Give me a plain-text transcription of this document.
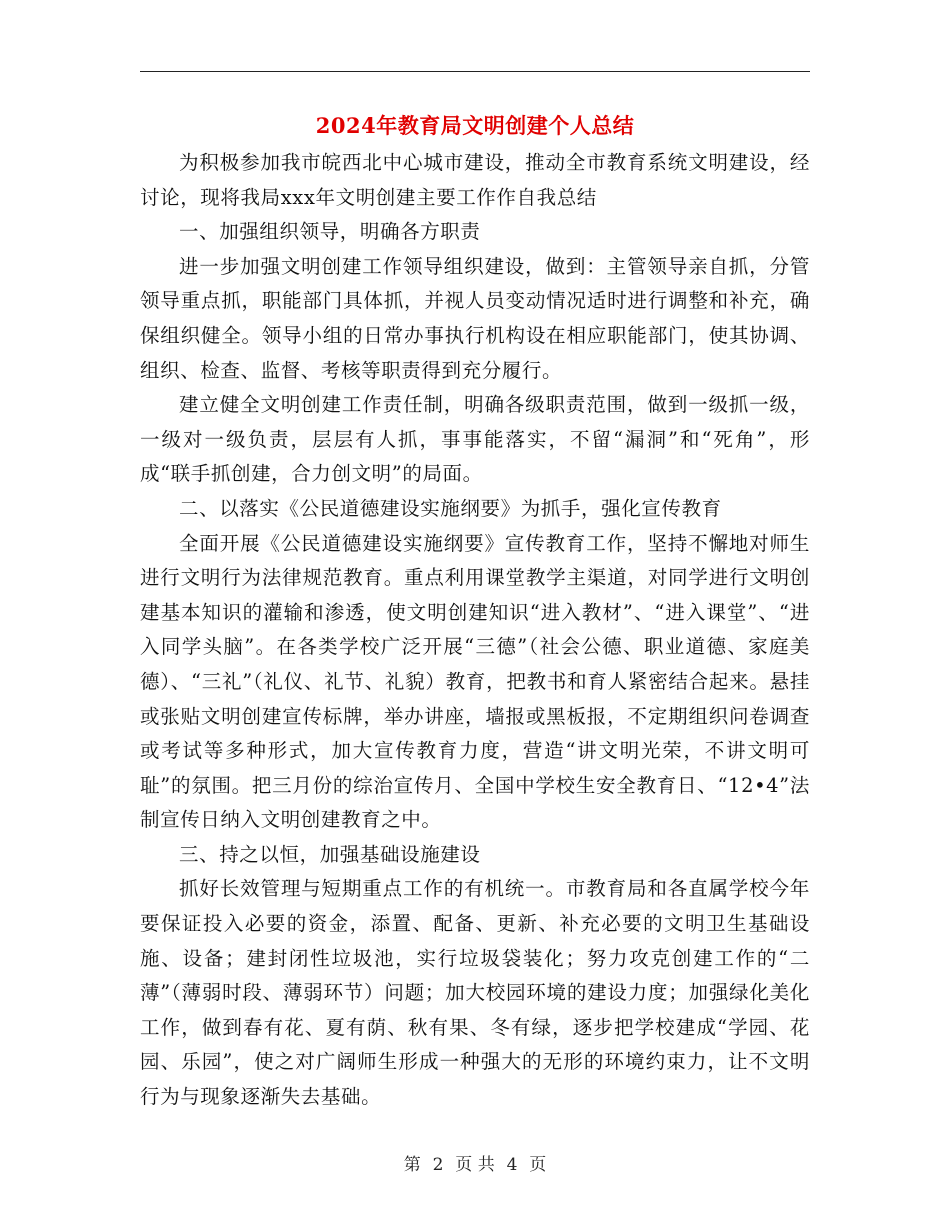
2024年教育局文明创建个人总结

为积极参加我市皖西北中心城市建设，推动全市教育系统文明建设，经讨论，现将我局xxx年文明创建主要工作作自我总结

一、加强组织领导，明确各方职责

进一步加强文明创建工作领导组织建设，做到：主管领导亲自抓，分管领导重点抓，职能部门具体抓，并视人员变动情况适时进行调整和补充，确保组织健全。领导小组的日常办事执行机构设在相应职能部门，使其协调、组织、检查、监督、考核等职责得到充分履行。

建立健全文明创建工作责任制，明确各级职责范围，做到一级抓一级，一级对一级负责，层层有人抓，事事能落实，不留“漏洞”和“死角”，形成“联手抓创建，合力创文明”的局面。

二、以落实《公民道德建设实施纲要》为抓手，强化宣传教育

全面开展《公民道德建设实施纲要》宣传教育工作，坚持不懈地对师生进行文明行为法律规范教育。重点利用课堂教学主渠道，对同学进行文明创建基本知识的灌输和渗透，使文明创建知识“进入教材”、“进入课堂”、“进入同学头脑”。在各类学校广泛开展“三德”（社会公德、职业道德、家庭美德）、“三礼”（礼仪、礼节、礼貌）教育，把教书和育人紧密结合起来。悬挂或张贴文明创建宣传标牌，举办讲座，墙报或黑板报，不定期组织问卷调查或考试等多种形式，加大宣传教育力度，营造“讲文明光荣，不讲文明可耻”的氛围。把三月份的综治宣传月、全国中学校生安全教育日、“12•4”法制宣传日纳入文明创建教育之中。

三、持之以恒，加强基础设施建设

抓好长效管理与短期重点工作的有机统一。市教育局和各直属学校今年要保证投入必要的资金，添置、配备、更新、补充必要的文明卫生基础设施、设备；建封闭性垃圾池，实行垃圾袋装化；努力攻克创建工作的“二薄”（薄弱时段、薄弱环节）问题；加大校园环境的建设力度；加强绿化美化工作，做到春有花、夏有荫、秋有果、冬有绿，逐步把学校建成“学园、花园、乐园”，使之对广阔师生形成一种强大的无形的环境约束力，让不文明行为与现象逐渐失去基础。

第 2 页 共 4 页
